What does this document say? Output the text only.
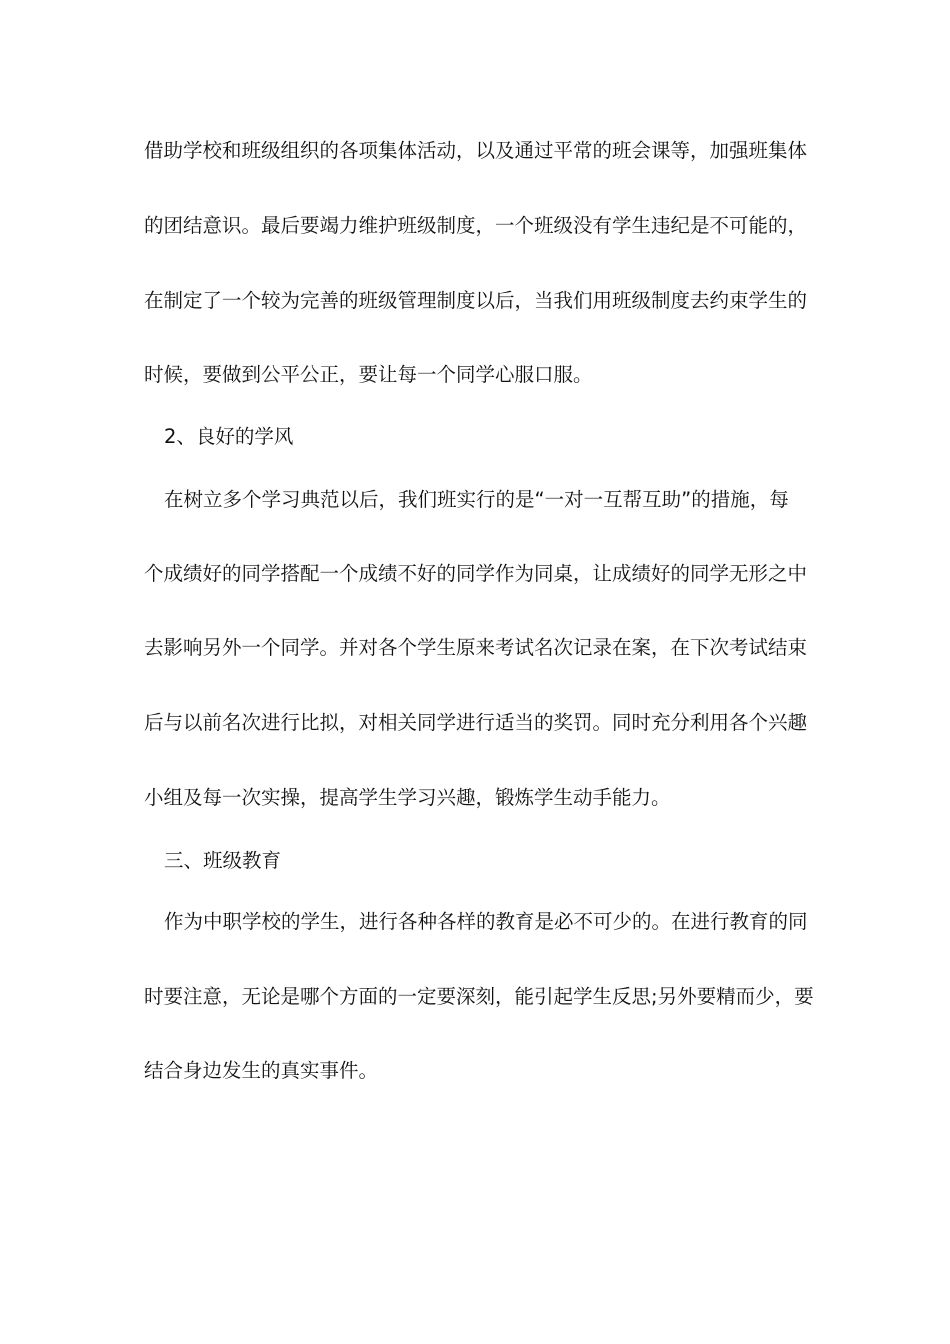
借助学校和班级组织的各项集体活动，以及通过平常的班会课等，加强班集体
的团结意识。最后要竭力维护班级制度，一个班级没有学生违纪是不可能的，
在制定了一个较为完善的班级管理制度以后，当我们用班级制度去约束学生的
时候，要做到公平公正，要让每一个同学心服口服。
2、良好的学风
在树立多个学习典范以后，我们班实行的是“一对一互帮互助”的措施，每
个成绩好的同学搭配一个成绩不好的同学作为同桌，让成绩好的同学无形之中
去影响另外一个同学。并对各个学生原来考试名次记录在案，在下次考试结束
后与以前名次进行比拟，对相关同学进行适当的奖罚。同时充分利用各个兴趣
小组及每一次实操，提高学生学习兴趣，锻炼学生动手能力。
三、班级教育
作为中职学校的学生，进行各种各样的教育是必不可少的。在进行教育的同
时要注意，无论是哪个方面的一定要深刻，能引起学生反思;另外要精而少，要
结合身边发生的真实事件。
